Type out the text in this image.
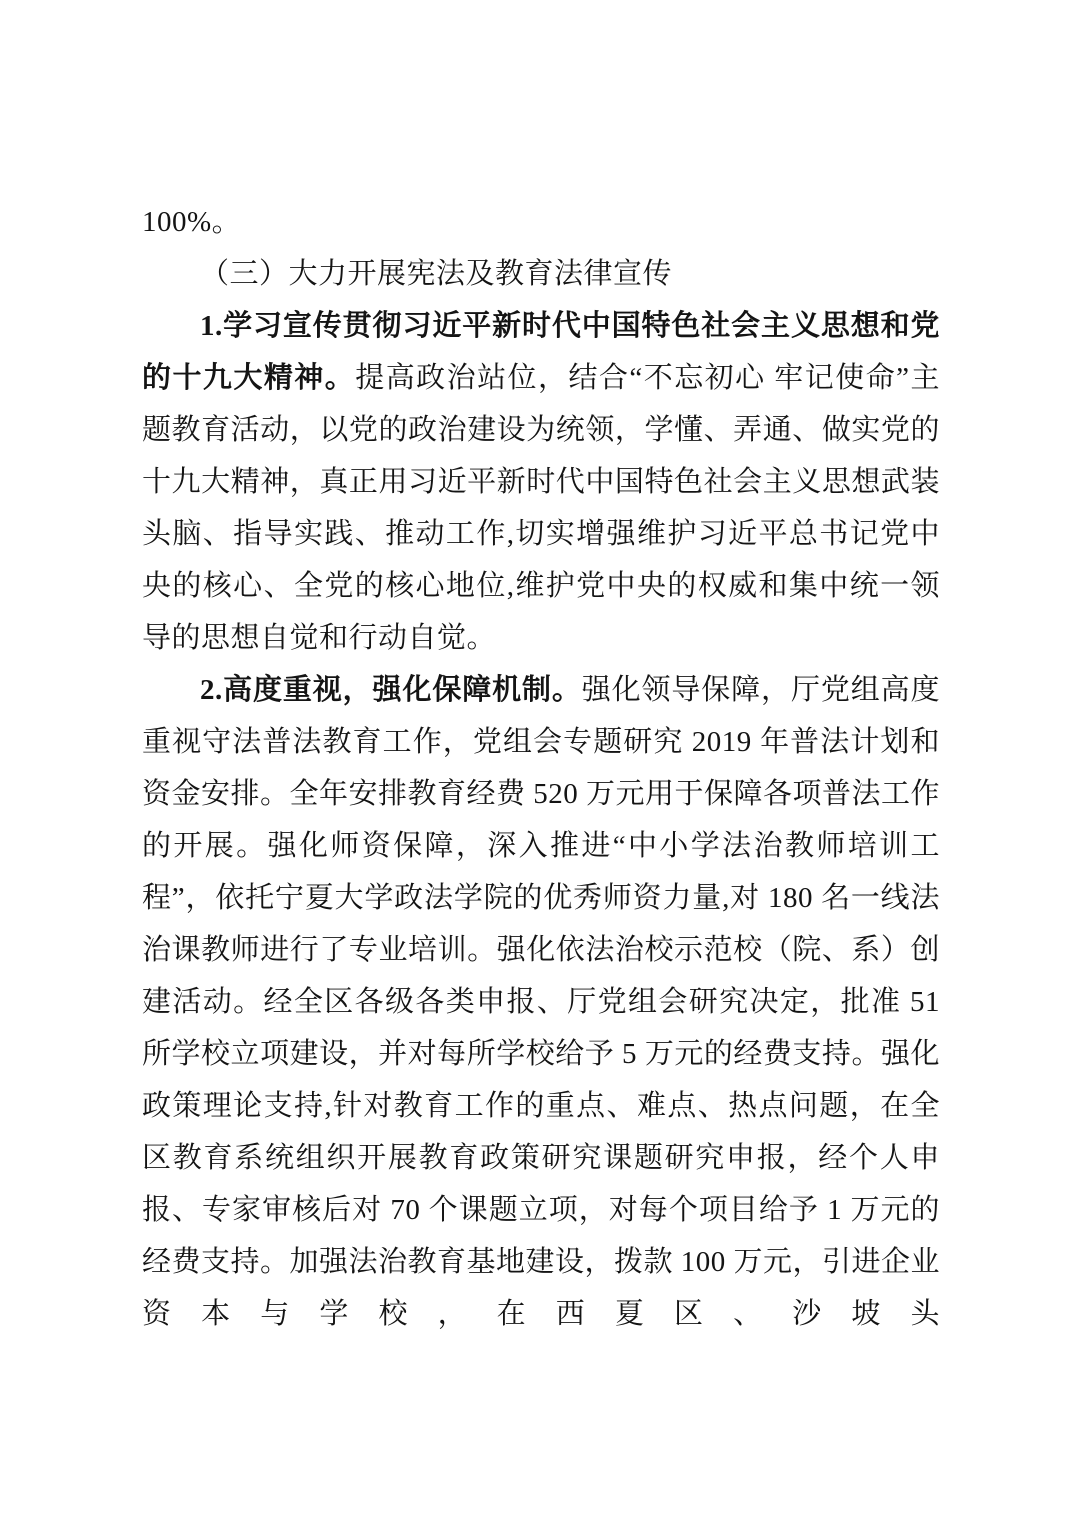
100%。

（三）大力开展宪法及教育法律宣传

1.学习宣传贯彻习近平新时代中国特色社会主义思想和党的十九大精神。提高政治站位，结合“不忘初心 牢记使命”主题教育活动，以党的政治建设为统领，学懂、弄通、做实党的十九大精神，真正用习近平新时代中国特色社会主义思想武装头脑、指导实践、推动工作,切实增强维护习近平总书记党中央的核心、全党的核心地位,维护党中央的权威和集中统一领导的思想自觉和行动自觉。

2.高度重视，强化保障机制。强化领导保障，厅党组高度重视守法普法教育工作，党组会专题研究 2019 年普法计划和资金安排。全年安排教育经费 520 万元用于保障各项普法工作的开展。强化师资保障，深入推进“中小学法治教师培训工程”，依托宁夏大学政法学院的优秀师资力量,对 180 名一线法治课教师进行了专业培训。强化依法治校示范校（院、系）创建活动。经全区各级各类申报、厅党组会研究决定，批准 51 所学校立项建设，并对每所学校给予 5 万元的经费支持。强化政策理论支持,针对教育工作的重点、难点、热点问题，在全区教育系统组织开展教育政策研究课题研究申报，经个人申报、专家审核后对 70 个课题立项，对每个项目给予 1 万元的经费支持。加强法治教育基地建设，拨款 100 万元，引进企业资本与学校，在西夏区、沙坡头
